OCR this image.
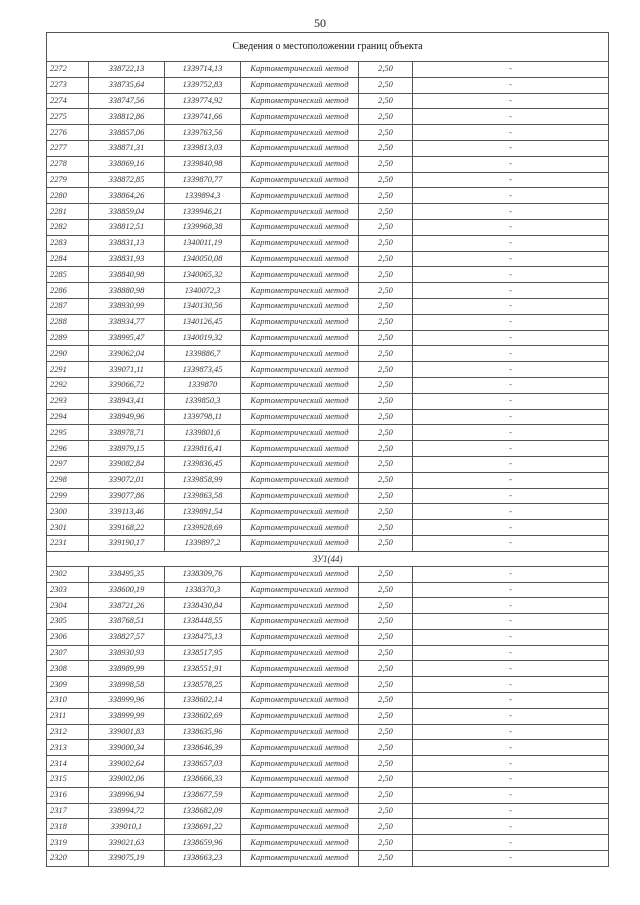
50
Сведения о местоположении границ объекта					
2272	338722,13	1339714,13	Картометрический метод	2,50	-
2273	338735,64	1339752,83	Картометрический метод	2,50	-
2274	338747,56	1339774,92	Картометрический метод	2,50	-
2275	338812,86	1339741,66	Картометрический метод	2,50	-
2276	338857,06	1339763,56	Картометрический метод	2,50	-
2277	338871,31	1339813,03	Картометрический метод	2,50	-
2278	338869,16	1339840,98	Картометрический метод	2,50	-
2279	338872,85	1339870,77	Картометрический метод	2,50	-
2280	338864,26	1339894,3	Картометрический метод	2,50	-
2281	338859,04	1339946,21	Картометрический метод	2,50	-
2282	338812,51	1339968,38	Картометрический метод	2,50	-
2283	338831,13	1340011,19	Картометрический метод	2,50	-
2284	338831,93	1340050,08	Картометрический метод	2,50	-
2285	338840,98	1340065,32	Картометрический метод	2,50	-
2286	338880,98	1340072,3	Картометрический метод	2,50	-
2287	338930,99	1340130,56	Картометрический метод	2,50	-
2288	338934,77	1340126,45	Картометрический метод	2,50	-
2289	338995,47	1340019,32	Картометрический метод	2,50	-
2290	339062,04	1339886,7	Картометрический метод	2,50	-
2291	339071,11	1339873,45	Картометрический метод	2,50	-
2292	339066,72	1339870	Картометрический метод	2,50	-
2293	338943,41	1339850,3	Картометрический метод	2,50	-
2294	338949,96	1339798,11	Картометрический метод	2,50	-
2295	338978,71	1339801,6	Картометрический метод	2,50	-
2296	338979,15	1339816,41	Картометрический метод	2,50	-
2297	339082,84	1339836,45	Картометрический метод	2,50	-
2298	339072,01	1339858,99	Картометрический метод	2,50	-
2299	339077,86	1339863,58	Картометрический метод	2,50	-
2300	339113,46	1339891,54	Картометрический метод	2,50	-
2301	339168,22	1339928,69	Картометрический метод	2,50	-
2231	339190,17	1339897,2	Картометрический метод	2,50	-
ЗУ1(44)					
2302	338495,35	1338309,76	Картометрический метод	2,50	-
2303	338600,19	1338370,3	Картометрический метод	2,50	-
2304	338721,26	1338430,84	Картометрический метод	2,50	-
2305	338768,51	1338448,55	Картометрический метод	2,50	-
2306	338827,57	1338475,13	Картометрический метод	2,50	-
2307	338930,93	1338517,95	Картометрический метод	2,50	-
2308	338989,99	1338551,91	Картометрический метод	2,50	-
2309	338998,58	1338578,25	Картометрический метод	2,50	-
2310	338999,96	1338602,14	Картометрический метод	2,50	-
2311	338999,99	1338602,69	Картометрический метод	2,50	-
2312	339001,83	1338635,96	Картометрический метод	2,50	-
2313	339000,34	1338646,39	Картометрический метод	2,50	-
2314	339002,64	1338657,03	Картометрический метод	2,50	-
2315	339002,06	1338666,33	Картометрический метод	2,50	-
2316	338996,94	1338677,59	Картометрический метод	2,50	-
2317	338994,72	1338682,09	Картометрический метод	2,50	-
2318	339010,1	1338691,22	Картометрический метод	2,50	-
2319	339021,63	1338659,96	Картометрический метод	2,50	-
2320	339075,19	1338663,23	Картометрический метод	2,50	-
